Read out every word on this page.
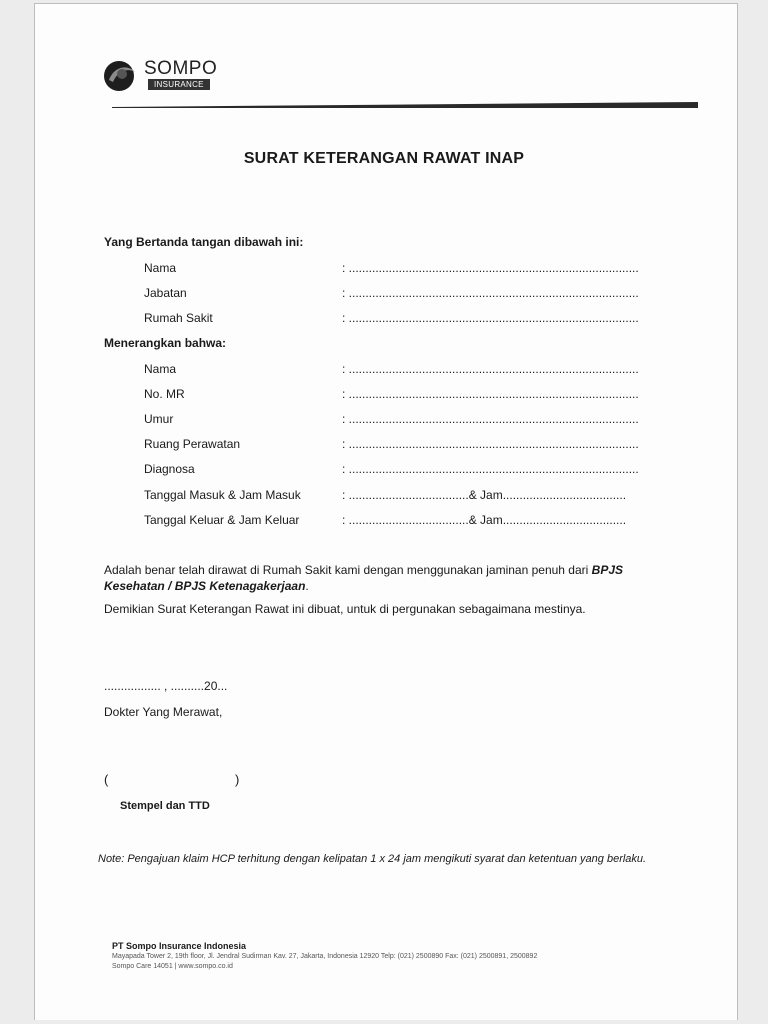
SOMPO
INSURANCE
SURAT KETERANGAN RAWAT INAP
Yang Bertanda tangan dibawah ini:
Nama	: .......................................................................................
Jabatan	: .......................................................................................
Rumah Sakit	: .......................................................................................
Menerangkan bahwa:
Nama	: .......................................................................................
No. MR	: .......................................................................................
Umur	: .......................................................................................
Ruang Perawatan	: .......................................................................................
Diagnosa	: .......................................................................................
Tanggal Masuk & Jam Masuk	: ....................................& Jam.....................................
Tanggal Keluar & Jam Keluar	: ....................................& Jam.....................................
Adalah benar telah dirawat di Rumah Sakit kami dengan menggunakan jaminan penuh dari BPJS Kesehatan / BPJS Ketenagakerjaan.
Demikian Surat Keterangan Rawat ini dibuat, untuk di pergunakan sebagaimana mestinya.
................. , ..........20...
Dokter Yang Merawat,
(	)
Stempel dan TTD
Note: Pengajuan klaim HCP terhitung dengan kelipatan 1 x 24 jam mengikuti syarat dan ketentuan yang berlaku.
PT Sompo Insurance Indonesia
Mayapada Tower 2, 19th floor, Jl. Jendral Sudirman Kav. 27, Jakarta, Indonesia 12920 Telp: (021) 2500890 Fax: (021) 2500891, 2500892
Sompo Care 14051 | www.sompo.co.id
